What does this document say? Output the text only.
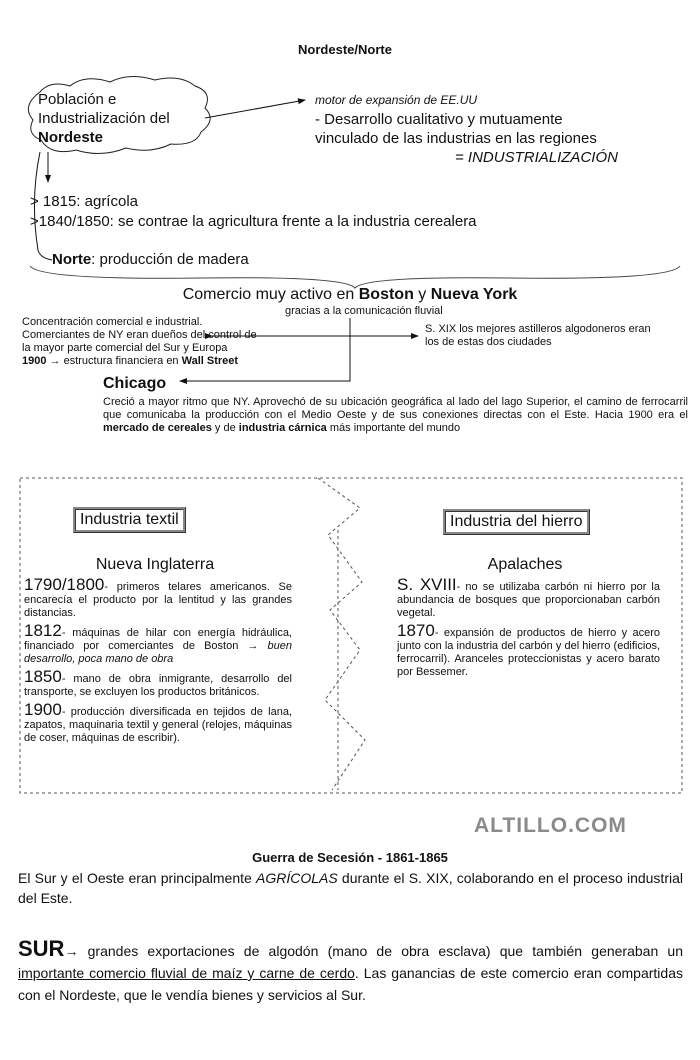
Nordeste/Norte
Población e
Industrialización del
Nordeste
motor de expansión de EE.UU
- Desarrollo cualitativo y mutuamente
vinculado de las industrias en las regiones
= INDUSTRIALIZACIÓN
> 1815: agrícola
>1840/1850: se contrae la agricultura frente a la industria cerealera
Norte: producción de madera
Comercio muy activo en Boston y Nueva York
gracias a la comunicación fluvial
Concentración comercial e industrial.
Comerciantes de NY eran dueños del control de
la mayor parte comercial del Sur y Europa
1900 → estructura financiera en Wall Street
S. XIX los mejores astilleros algodoneros eran
los de estas dos ciudades
Chicago
Creció a mayor ritmo que NY. Aprovechó de su ubicación geográfica al lado del lago Superior, el camino de ferrocarril que comunicaba la producción con el Medio Oeste y de sus conexiones directas con el Este. Hacia 1900 era el mercado de cereales y de industria cárnica más importante del mundo
Industria textil
Nueva Inglaterra
1790/1800- primeros telares americanos. Se encarecía el producto por la lentitud y las grandes distancias.
1812- máquinas de hilar con energía hidráulica, financiado por comerciantes de Boston → buen desarrollo, poca mano de obra
1850- mano de obra inmigrante, desarrollo del transporte, se excluyen los productos británicos.
1900- producción diversificada en tejidos de lana, zapatos, maquinaria textil y general (relojes, máquinas de coser, máquinas de escribir).
Industria del hierro
Apalaches
S. XVIII- no se utilizaba carbón ni hierro por la abundancia de bosques que proporcionaban carbón vegetal.
1870- expansión de productos de hierro y acero junto con la industria del carbón y del hierro (edificios, ferrocarril). Aranceles proteccionistas y acero barato por Bessemer.
ALTILLO.COM
Guerra de Secesión - 1861-1865
El Sur y el Oeste eran principalmente AGRÍCOLAS durante el S. XIX, colaborando en el proceso industrial del Este.
SUR→ grandes exportaciones de algodón (mano de obra esclava) que también generaban un importante comercio fluvial de maíz y carne de cerdo. Las ganancias de este comercio eran compartidas con el Nordeste, que le vendía bienes y servicios al Sur.
